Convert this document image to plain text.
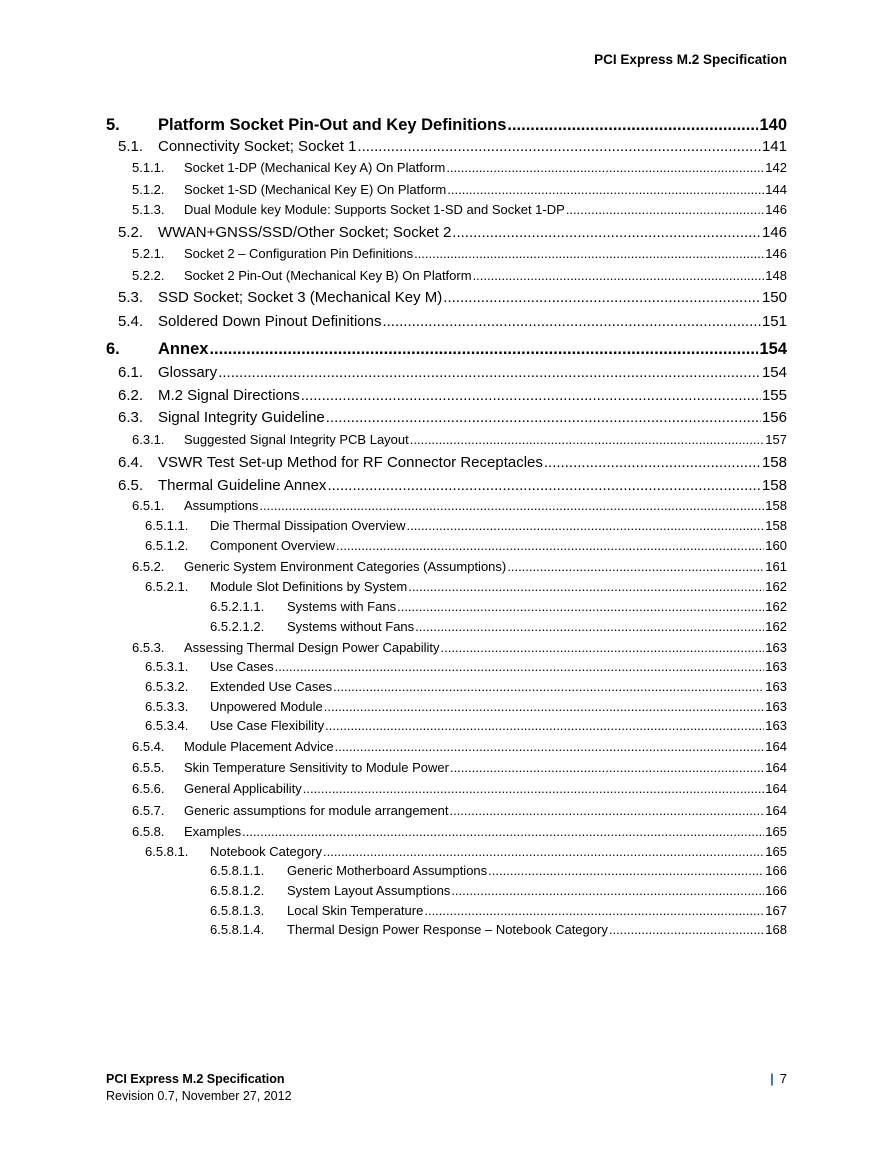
PCI Express M.2 Specification
5.	Platform Socket Pin-Out and Key Definitions .....	140
5.1. Connectivity Socket; Socket 1 .....	141
5.1.1.	Socket 1-DP (Mechanical Key A) On Platform .....	142
5.1.2.	Socket 1-SD (Mechanical Key E) On Platform .....	144
5.1.3.	Dual Module key Module: Supports Socket 1-SD and Socket 1-DP .....	146
5.2. WWAN+GNSS/SSD/Other Socket; Socket 2 .....	146
5.2.1.	Socket 2 – Configuration Pin Definitions .....	146
5.2.2.	Socket 2 Pin-Out (Mechanical Key B) On Platform .....	148
5.3. SSD Socket; Socket 3 (Mechanical Key M) .....	150
5.4. Soldered Down Pinout Definitions .....	151
6.	Annex .....	154
6.1. Glossary .....	154
6.2. M.2 Signal Directions .....	155
6.3. Signal Integrity Guideline .....	156
6.3.1.	Suggested Signal Integrity PCB Layout .....	157
6.4. VSWR Test Set-up Method for RF Connector Receptacles .....	158
6.5. Thermal Guideline Annex .....	158
6.5.1.	Assumptions .....	158
6.5.1.1.	Die Thermal Dissipation Overview .....	158
6.5.1.2.	Component Overview .....	160
6.5.2.	Generic System Environment Categories (Assumptions) .....	161
6.5.2.1.	Module Slot Definitions by System .....	162
6.5.2.1.1.	Systems with Fans .....	162
6.5.2.1.2.	Systems without Fans .....	162
6.5.3.	Assessing Thermal Design Power Capability .....	163
6.5.3.1.	Use Cases .....	163
6.5.3.2.	Extended Use Cases .....	163
6.5.3.3.	Unpowered Module .....	163
6.5.3.4.	Use Case Flexibility .....	163
6.5.4.	Module Placement Advice .....	164
6.5.5.	Skin Temperature Sensitivity to Module Power .....	164
6.5.6.	General Applicability .....	164
6.5.7.	Generic assumptions for module arrangement .....	164
6.5.8.	Examples .....	165
6.5.8.1.	Notebook Category .....	165
6.5.8.1.1.	Generic Motherboard Assumptions .....	166
6.5.8.1.2.	System Layout Assumptions .....	166
6.5.8.1.3.	Local Skin Temperature .....	167
6.5.8.1.4.	Thermal Design Power Response – Notebook Category .....	168
PCI Express M.2 Specification
Revision 0.7, November 27, 2012
| 7
